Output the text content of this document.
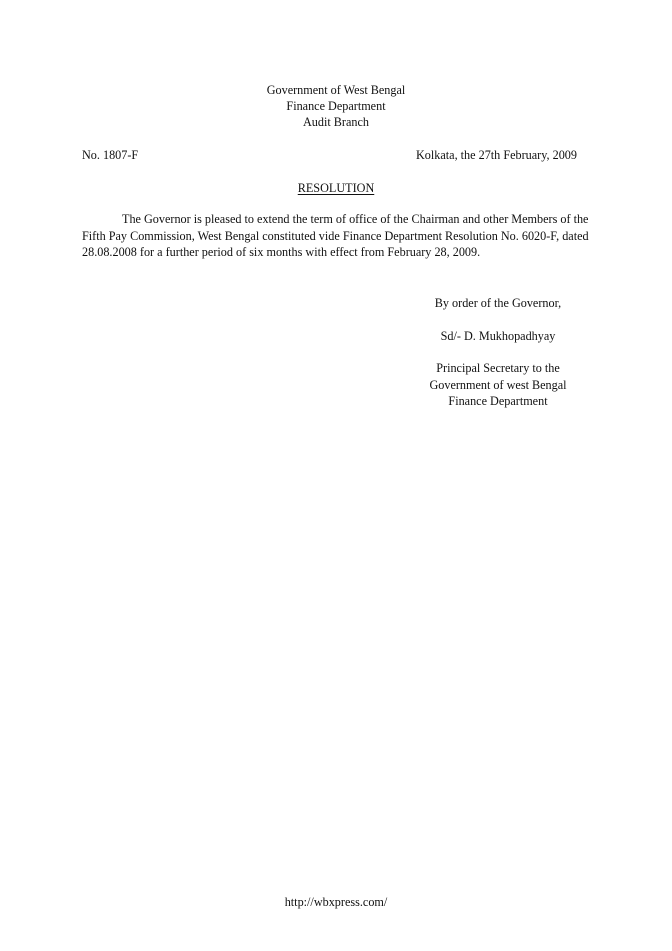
Government of West Bengal
Finance Department
Audit Branch
No. 1807-F	Kolkata, the 27th February, 2009
RESOLUTION

The Governor is pleased to extend the term of office of the Chairman and other Members of the Fifth Pay Commission, West Bengal constituted vide Finance Department Resolution No. 6020-F, dated 28.08.2008 for a further period of six months with effect from February 28, 2009.

By order of the Governor,
Sd/- D. Mukhopadhyay
Principal Secretary to the
Government of west Bengal
Finance Department
http://wbxpress.com/
